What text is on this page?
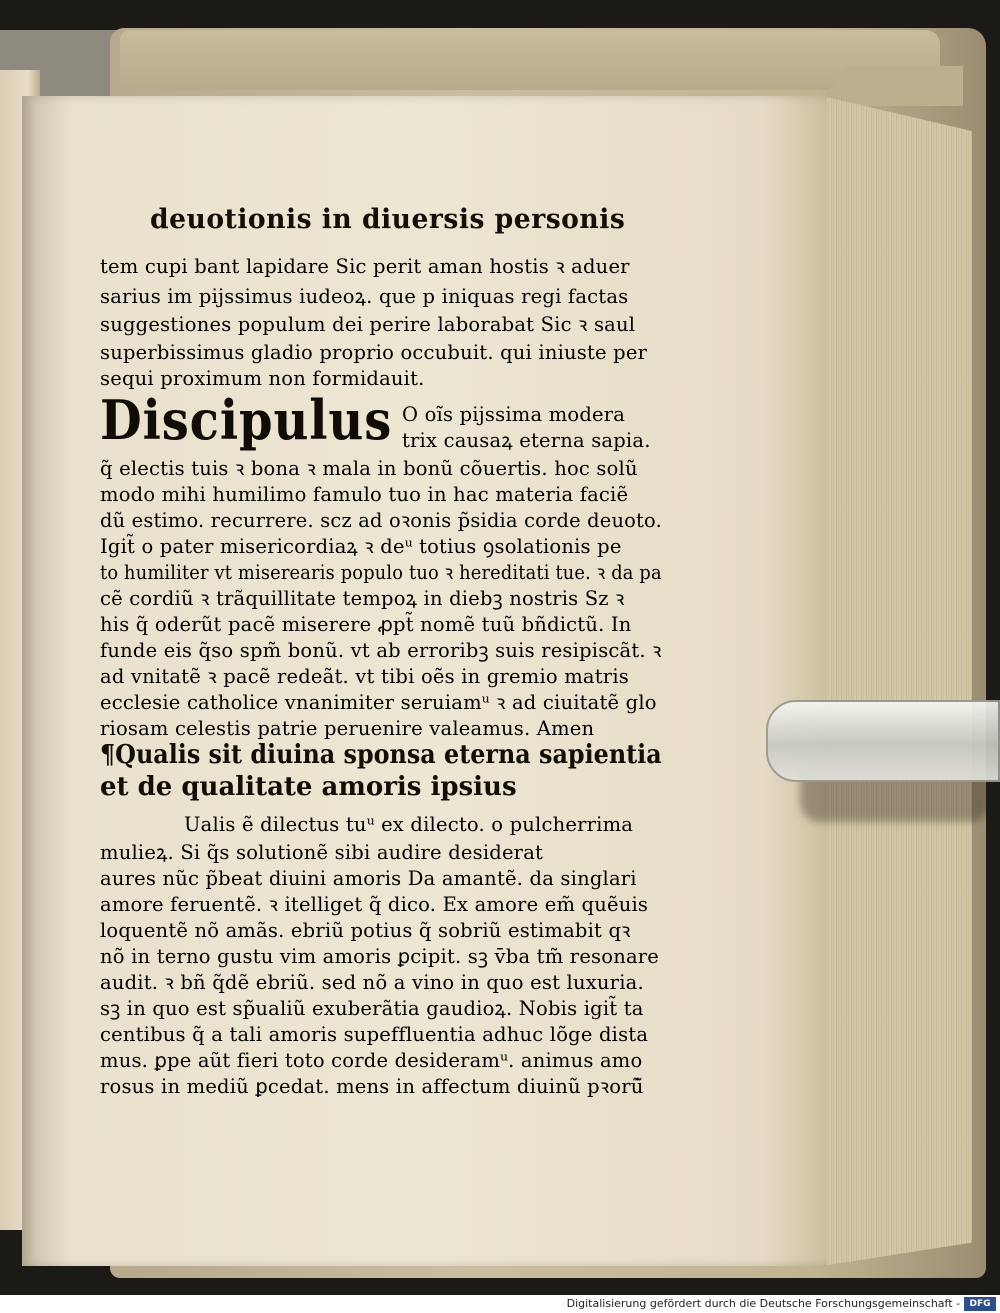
deuotionis in diuersis personis
tem cupi bant lapidare Sic perit aman hostis ꝛ aduer
sarius im pijssimus iudeoꝝ. que p iniquas regi factas
suggestiones populum dei perire laborabat Sic ꝛ saul
superbissimus gladio proprio occubuit. qui iniuste per
sequi proximum non formidauit.
Discipulus O oĩs pijssima modera
trix causaꝝ eterna sapia.
q̃ electis tuis ꝛ bona ꝛ mala in bonũ cõuertis. hoc solũ
modo mihi humilimo famulo tuo in hac materia faciẽ
dũ estimo. recurrere. scz ad oꝛonis p̃sidia corde deuoto.
Igit̃ o pater misericordiaꝝ ꝛ deᵘ totius ꝯsolationis pe
to humiliter vt miserearis populo tuo ꝛ hereditati tue. ꝛ da pa
cẽ cordiũ ꝛ trãquillitate tempoꝝ in diebꝫ nostris Sz ꝛ
his q̃ oderũt pacẽ miserere ꝓpt̃ nomẽ tuũ bñdictũ. In
funde eis q̃so spm̃ bonũ. vt ab erroribꝫ suis resipiscãt. ꝛ
ad vnitatẽ ꝛ pacẽ redeãt. vt tibi oẽs in gremio matris
ecclesie catholice vnanimiter seruiamᵘ ꝛ ad ciuitatẽ glo
riosam celestis patrie peruenire valeamus. Amen
¶Qualis sit diuina sponsa eterna sapientia
et de qualitate amoris ipsius
Ualis ẽ dilectus tuᵘ ex dilecto. o pulcherrima
mulieꝝ. Si q̃s solutionẽ sibi audire desiderat
aures nũc p̃beat diuini amoris Da amantẽ. da singlari
amore feruentẽ. ꝛ itelliget q̃ dico. Ex amore em̃ quẽuis
loquentẽ nõ amãs. ebriũ potius q̃ sobriũ estimabit qꝛ
nõ in terno gustu vim amoris ꝑcipit. sꝫ v̄ba tm̃ resonare
audit. ꝛ bñ q̃dẽ ebriũ. sed nõ a vino in quo est luxuria.
sꝫ in quo est sp̃ualiũ exuberãtia gaudioꝝ. Nobis igit̃ ta
centibus q̃ a tali amoris supeffluentia adhuc lõge dista
mus. ꝑpe aũt fieri toto corde desideramᵘ. animus amo
rosus in mediũ ꝑcedat. mens in affectum diuinũ pꝛorũ̃
Digitalisierung gefördert durch die Deutsche Forschungsgemeinschaft -	DFG
